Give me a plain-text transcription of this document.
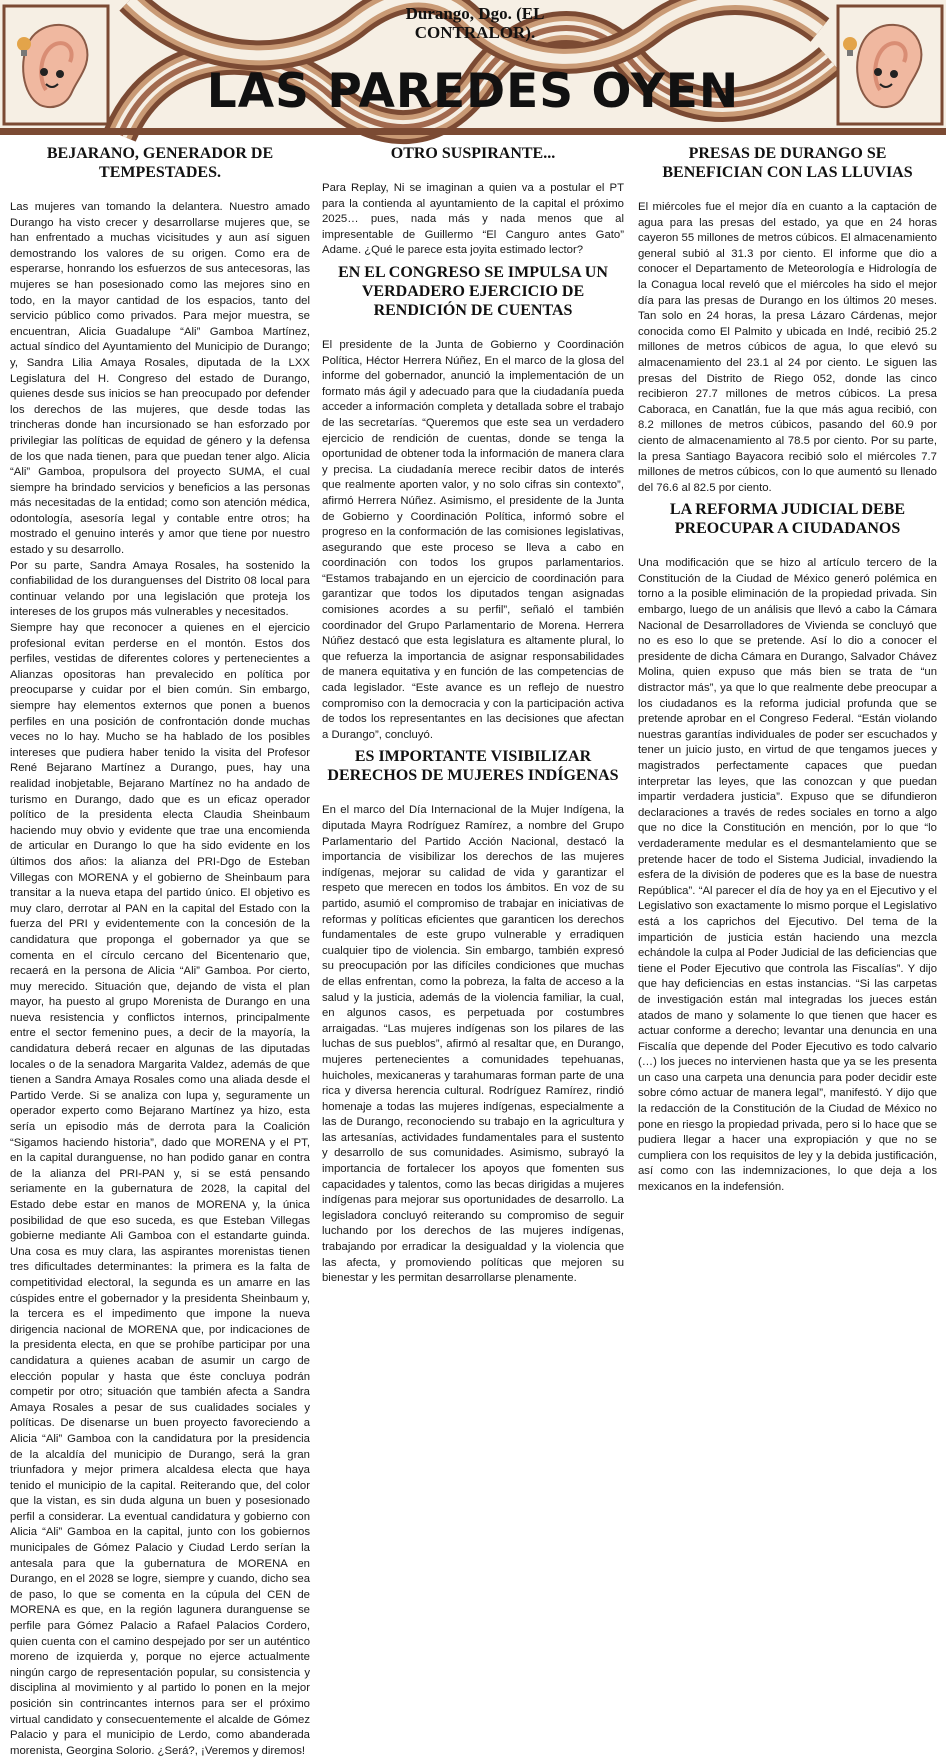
Durango, Dgo. (EL CONTRALOR).
LAS PAREDES OYEN
BEJARANO, GENERADOR DE TEMPESTADES.

Las mujeres van tomando la delantera. Nuestro amado Durango ha visto crecer y desarrollarse mujeres que, se han enfrentado a muchas vicisitudes y aun así siguen demostrando los valores de su origen. Como era de esperarse, honrando los esfuerzos de sus antecesoras, las mujeres se han posesionado como las mejores sino en todo, en la mayor cantidad de los espacios, tanto del servicio público como privados. Para mejor muestra, se encuentran, Alicia Guadalupe “Ali” Gamboa Martínez, actual síndico del Ayuntamiento del Municipio de Durango; y, Sandra Lilia Amaya Rosales, diputada de la LXX Legislatura del H. Congreso del estado de Durango, quienes desde sus inicios se han preocupado por defender los derechos de las mujeres, que desde todas las trincheras donde han incursionado se han esforzado por privilegiar las políticas de equidad de género y la defensa de los que nada tienen, para que puedan tener algo. Alicia “Ali” Gamboa, propulsora del proyecto SUMA, el cual siempre ha brindado servicios y beneficios a las personas más necesitadas de la entidad; como son atención médica, odontología, asesoría legal y contable entre otros; ha mostrado el genuino interés y amor que tiene por nuestro estado y su desarrollo.

Por su parte, Sandra Amaya Rosales, ha sostenido la confiabilidad de los duranguenses del Distrito 08 local para continuar velando por una legislación que proteja los intereses de los grupos más vulnerables y necesitados.

Siempre hay que reconocer a quienes en el ejercicio profesional evitan perderse en el montón. Estos dos perfiles, vestidas de diferentes colores y pertenecientes a Alianzas opositoras han prevalecido en política por preocuparse y cuidar por el bien común. Sin embargo, siempre hay elementos externos que ponen a buenos perfiles en una posición de confrontación donde muchas veces no lo hay. Mucho se ha hablado de los posibles intereses que pudiera haber tenido la visita del Profesor René Bejarano Martínez a Durango, pues, hay una realidad inobjetable, Bejarano Martínez no ha andado de turismo en Durango, dado que es un eficaz operador político de la presidenta electa Claudia Sheinbaum haciendo muy obvio y evidente que trae una encomienda de articular en Durango lo que ha sido evidente en los últimos dos años: la alianza del PRI-Dgo de Esteban Villegas con MORENA y el gobierno de Sheinbaum para transitar a la nueva etapa del partido único. El objetivo es muy claro, derrotar al PAN en la capital del Estado con la fuerza del PRI y evidentemente con la concesión de la candidatura que proponga el gobernador ya que se comenta en el círculo cercano del Bicentenario que, recaerá en la persona de Alicia “Ali” Gamboa. Por cierto, muy merecido. Situación que, dejando de vista el plan mayor, ha puesto al grupo Morenista de Durango en una nueva resistencia y conflictos internos, principalmente entre el sector femenino pues, a decir de la mayoría, la candidatura deberá recaer en algunas de las diputadas locales o de la senadora Margarita Valdez, además de que tienen a Sandra Amaya Rosales como una aliada desde el Partido Verde. Si se analiza con lupa y, seguramente un operador experto como Bejarano Martínez ya hizo, esta sería un episodio más de derrota para la Coalición “Sigamos haciendo historia”, dado que MORENA y el PT, en la capital duranguense, no han podido ganar en contra de la alianza del PRI-PAN y, si se está pensando seriamente en la gubernatura de 2028, la capital del Estado debe estar en manos de MORENA y, la única posibilidad de que eso suceda, es que Esteban Villegas gobierne mediante Ali Gamboa con el estandarte guinda. Una cosa es muy clara, las aspirantes morenistas tienen tres dificultades determinantes: la primera es la falta de competitividad electoral, la segunda es un amarre en las cúspides entre el gobernador y la presidenta Sheinbaum y, la tercera es el impedimento que impone la nueva dirigencia nacional de MORENA que, por indicaciones de la presidenta electa, en que se prohíbe participar por una candidatura a quienes acaban de asumir un cargo de elección popular y hasta que éste concluya podrán competir por otro; situación que también afecta a Sandra Amaya Rosales a pesar de sus cualidades sociales y políticas. De disenarse un buen proyecto favoreciendo a Alicia “Ali” Gamboa con la candidatura por la presidencia de la alcaldía del municipio de Durango, será la gran triunfadora y mejor primera alcaldesa electa que haya tenido el municipio de la capital. Reiterando que, del color que la vistan, es sin duda alguna un buen y posesionado perfil a considerar. La eventual candidatura y gobierno con Alicia “Ali” Gamboa en la capital, junto con los gobiernos municipales de Gómez Palacio y Ciudad Lerdo serían la antesala para que la gubernatura de MORENA en Durango, en el 2028 se logre, siempre y cuando, dicho sea de paso, lo que se comenta en la cúpula del CEN de MORENA es que, en la región lagunera duranguense se perfile para Gómez Palacio a Rafael Palacios Cordero, quien cuenta con el camino despejado por ser un auténtico moreno de izquierda y, porque no ejerce actualmente ningún cargo de representación popular, su consistencia y disciplina al movimiento y al partido lo ponen en la mejor posición sin contrincantes internos para ser el próximo virtual candidato y consecuentemente el alcalde de Gómez Palacio y para el municipio de Lerdo, como abanderada morenista, Georgina Solorio. ¿Será?, ¡Veremos y diremos!

OTRO SUSPIRANTE...

Para Replay, Ni se imaginan a quien va a postular el PT para la contienda al ayuntamiento de la capital el próximo 2025… pues, nada más y nada menos que al impresentable de Guillermo “El Canguro antes Gato” Adame. ¿Qué le parece esta joyita estimado lector?

EN EL CONGRESO SE IMPULSA UN VERDADERO EJERCICIO DE RENDICIÓN DE CUENTAS

El presidente de la Junta de Gobierno y Coordinación Política, Héctor Herrera Núñez, En el marco de la glosa del informe del gobernador, anunció la implementación de un formato más ágil y adecuado para que la ciudadanía pueda acceder a información completa y detallada sobre el trabajo de las secretarías. “Queremos que este sea un verdadero ejercicio de rendición de cuentas, donde se tenga la oportunidad de obtener toda la información de manera clara y precisa. La ciudadanía merece recibir datos de interés que realmente aporten valor, y no solo cifras sin contexto”, afirmó Herrera Núñez. Asimismo, el presidente de la Junta de Gobierno y Coordinación Política, informó sobre el progreso en la conformación de las comisiones legislativas, asegurando que este proceso se lleva a cabo en coordinación con todos los grupos parlamentarios. “Estamos trabajando en un ejercicio de coordinación para garantizar que todos los diputados tengan asignadas comisiones acordes a su perfil”, señaló el también coordinador del Grupo Parlamentario de Morena. Herrera Núñez destacó que esta legislatura es altamente plural, lo que refuerza la importancia de asignar responsabilidades de manera equitativa y en función de las competencias de cada legislador. “Este avance es un reflejo de nuestro compromiso con la democracia y con la participación activa de todos los representantes en las decisiones que afectan a Durango”, concluyó.

ES IMPORTANTE VISIBILIZAR DERECHOS DE MUJERES INDÍGENAS

En el marco del Día Internacional de la Mujer Indígena, la diputada Mayra Rodríguez Ramírez, a nombre del Grupo Parlamentario del Partido Acción Nacional, destacó la importancia de visibilizar los derechos de las mujeres indígenas, mejorar su calidad de vida y garantizar el respeto que merecen en todos los ámbitos. En voz de su partido, asumió el compromiso de trabajar en iniciativas de reformas y políticas eficientes que garanticen los derechos fundamentales de este grupo vulnerable y erradiquen cualquier tipo de violencia. Sin embargo, también expresó su preocupación por las difíciles condiciones que muchas de ellas enfrentan, como la pobreza, la falta de acceso a la salud y la justicia, además de la violencia familiar, la cual, en algunos casos, es perpetuada por costumbres arraigadas. “Las mujeres indígenas son los pilares de las luchas de sus pueblos”, afirmó al resaltar que, en Durango, mujeres pertenecientes a comunidades tepehuanas, huicholes, mexicaneras y tarahumaras forman parte de una rica y diversa herencia cultural. Rodríguez Ramírez, rindió homenaje a todas las mujeres indígenas, especialmente a las de Durango, reconociendo su trabajo en la agricultura y las artesanías, actividades fundamentales para el sustento y desarrollo de sus comunidades. Asimismo, subrayó la importancia de fortalecer los apoyos que fomenten sus capacidades y talentos, como las becas dirigidas a mujeres indígenas para mejorar sus oportunidades de desarrollo. La legisladora concluyó reiterando su compromiso de seguir luchando por los derechos de las mujeres indígenas, trabajando por erradicar la desigualdad y la violencia que las afecta, y promoviendo políticas que mejoren su bienestar y les permitan desarrollarse plenamente.

PRESAS DE DURANGO SE BENEFICIAN CON LAS LLUVIAS

El miércoles fue el mejor día en cuanto a la captación de agua para las presas del estado, ya que en 24 horas cayeron 55 millones de metros cúbicos. El almacenamiento general subió al 31.3 por ciento. El informe que dio a conocer el Departamento de Meteorología e Hidrología de la Conagua local reveló que el miércoles ha sido el mejor día para las presas de Durango en los últimos 20 meses. Tan solo en 24 horas, la presa Lázaro Cárdenas, mejor conocida como El Palmito y ubicada en Indé, recibió 25.2 millones de metros cúbicos de agua, lo que elevó su almacenamiento del 23.1 al 24 por ciento. Le siguen las presas del Distrito de Riego 052, donde las cinco recibieron 27.7 millones de metros cúbicos. La presa Caboraca, en Canatlán, fue la que más agua recibió, con 8.2 millones de metros cúbicos, pasando del 60.9 por ciento de almacenamiento al 78.5 por ciento. Por su parte, la presa Santiago Bayacora recibió solo el miércoles 7.7 millones de metros cúbicos, con lo que aumentó su llenado del 76.6 al 82.5 por ciento.

LA REFORMA JUDICIAL DEBE PREOCUPAR A CIUDADANOS

Una modificación que se hizo al artículo tercero de la Constitución de la Ciudad de México generó polémica en torno a la posible eliminación de la propiedad privada. Sin embargo, luego de un análisis que llevó a cabo la Cámara Nacional de Desarrolladores de Vivienda se concluyó que no es eso lo que se pretende. Así lo dio a conocer el presidente de dicha Cámara en Durango, Salvador Chávez Molina, quien expuso que más bien se trata de “un distractor más”, ya que lo que realmente debe preocupar a los ciudadanos es la reforma judicial profunda que se pretende aprobar en el Congreso Federal. “Están violando nuestras garantías individuales de poder ser escuchados y tener un juicio justo, en virtud de que tengamos jueces y magistrados perfectamente capaces que puedan interpretar las leyes, que las conozcan y que puedan impartir verdadera justicia”. Expuso que se difundieron declaraciones a través de redes sociales en torno a algo que no dice la Constitución en mención, por lo que “lo verdaderamente medular es el desmantelamiento que se pretende hacer de todo el Sistema Judicial, invadiendo la esfera de la división de poderes que es la base de nuestra República”. “Al parecer el día de hoy ya en el Ejecutivo y el Legislativo son exactamente lo mismo porque el Legislativo está a los caprichos del Ejecutivo. Del tema de la impartición de justicia están haciendo una mezcla echándole la culpa al Poder Judicial de las deficiencias que tiene el Poder Ejecutivo que controla las Fiscalías”. Y dijo que hay deficiencias en estas instancias. “Si las carpetas de investigación están mal integradas los jueces están atados de mano y solamente lo que tienen que hacer es actuar conforme a derecho; levantar una denuncia en una Fiscalía que depende del Poder Ejecutivo es todo calvario (…) los jueces no intervienen hasta que ya se les presenta un caso una carpeta una denuncia para poder decidir este sobre cómo actuar de manera legal”, manifestó. Y dijo que la redacción de la Constitución de la Ciudad de México no pone en riesgo la propiedad privada, pero si lo hace que se pudiera llegar a hacer una expropiación y que no se cumpliera con los requisitos de ley y la debida justificación, así como con las indemnizaciones, lo que deja a los mexicanos en la indefensión.
